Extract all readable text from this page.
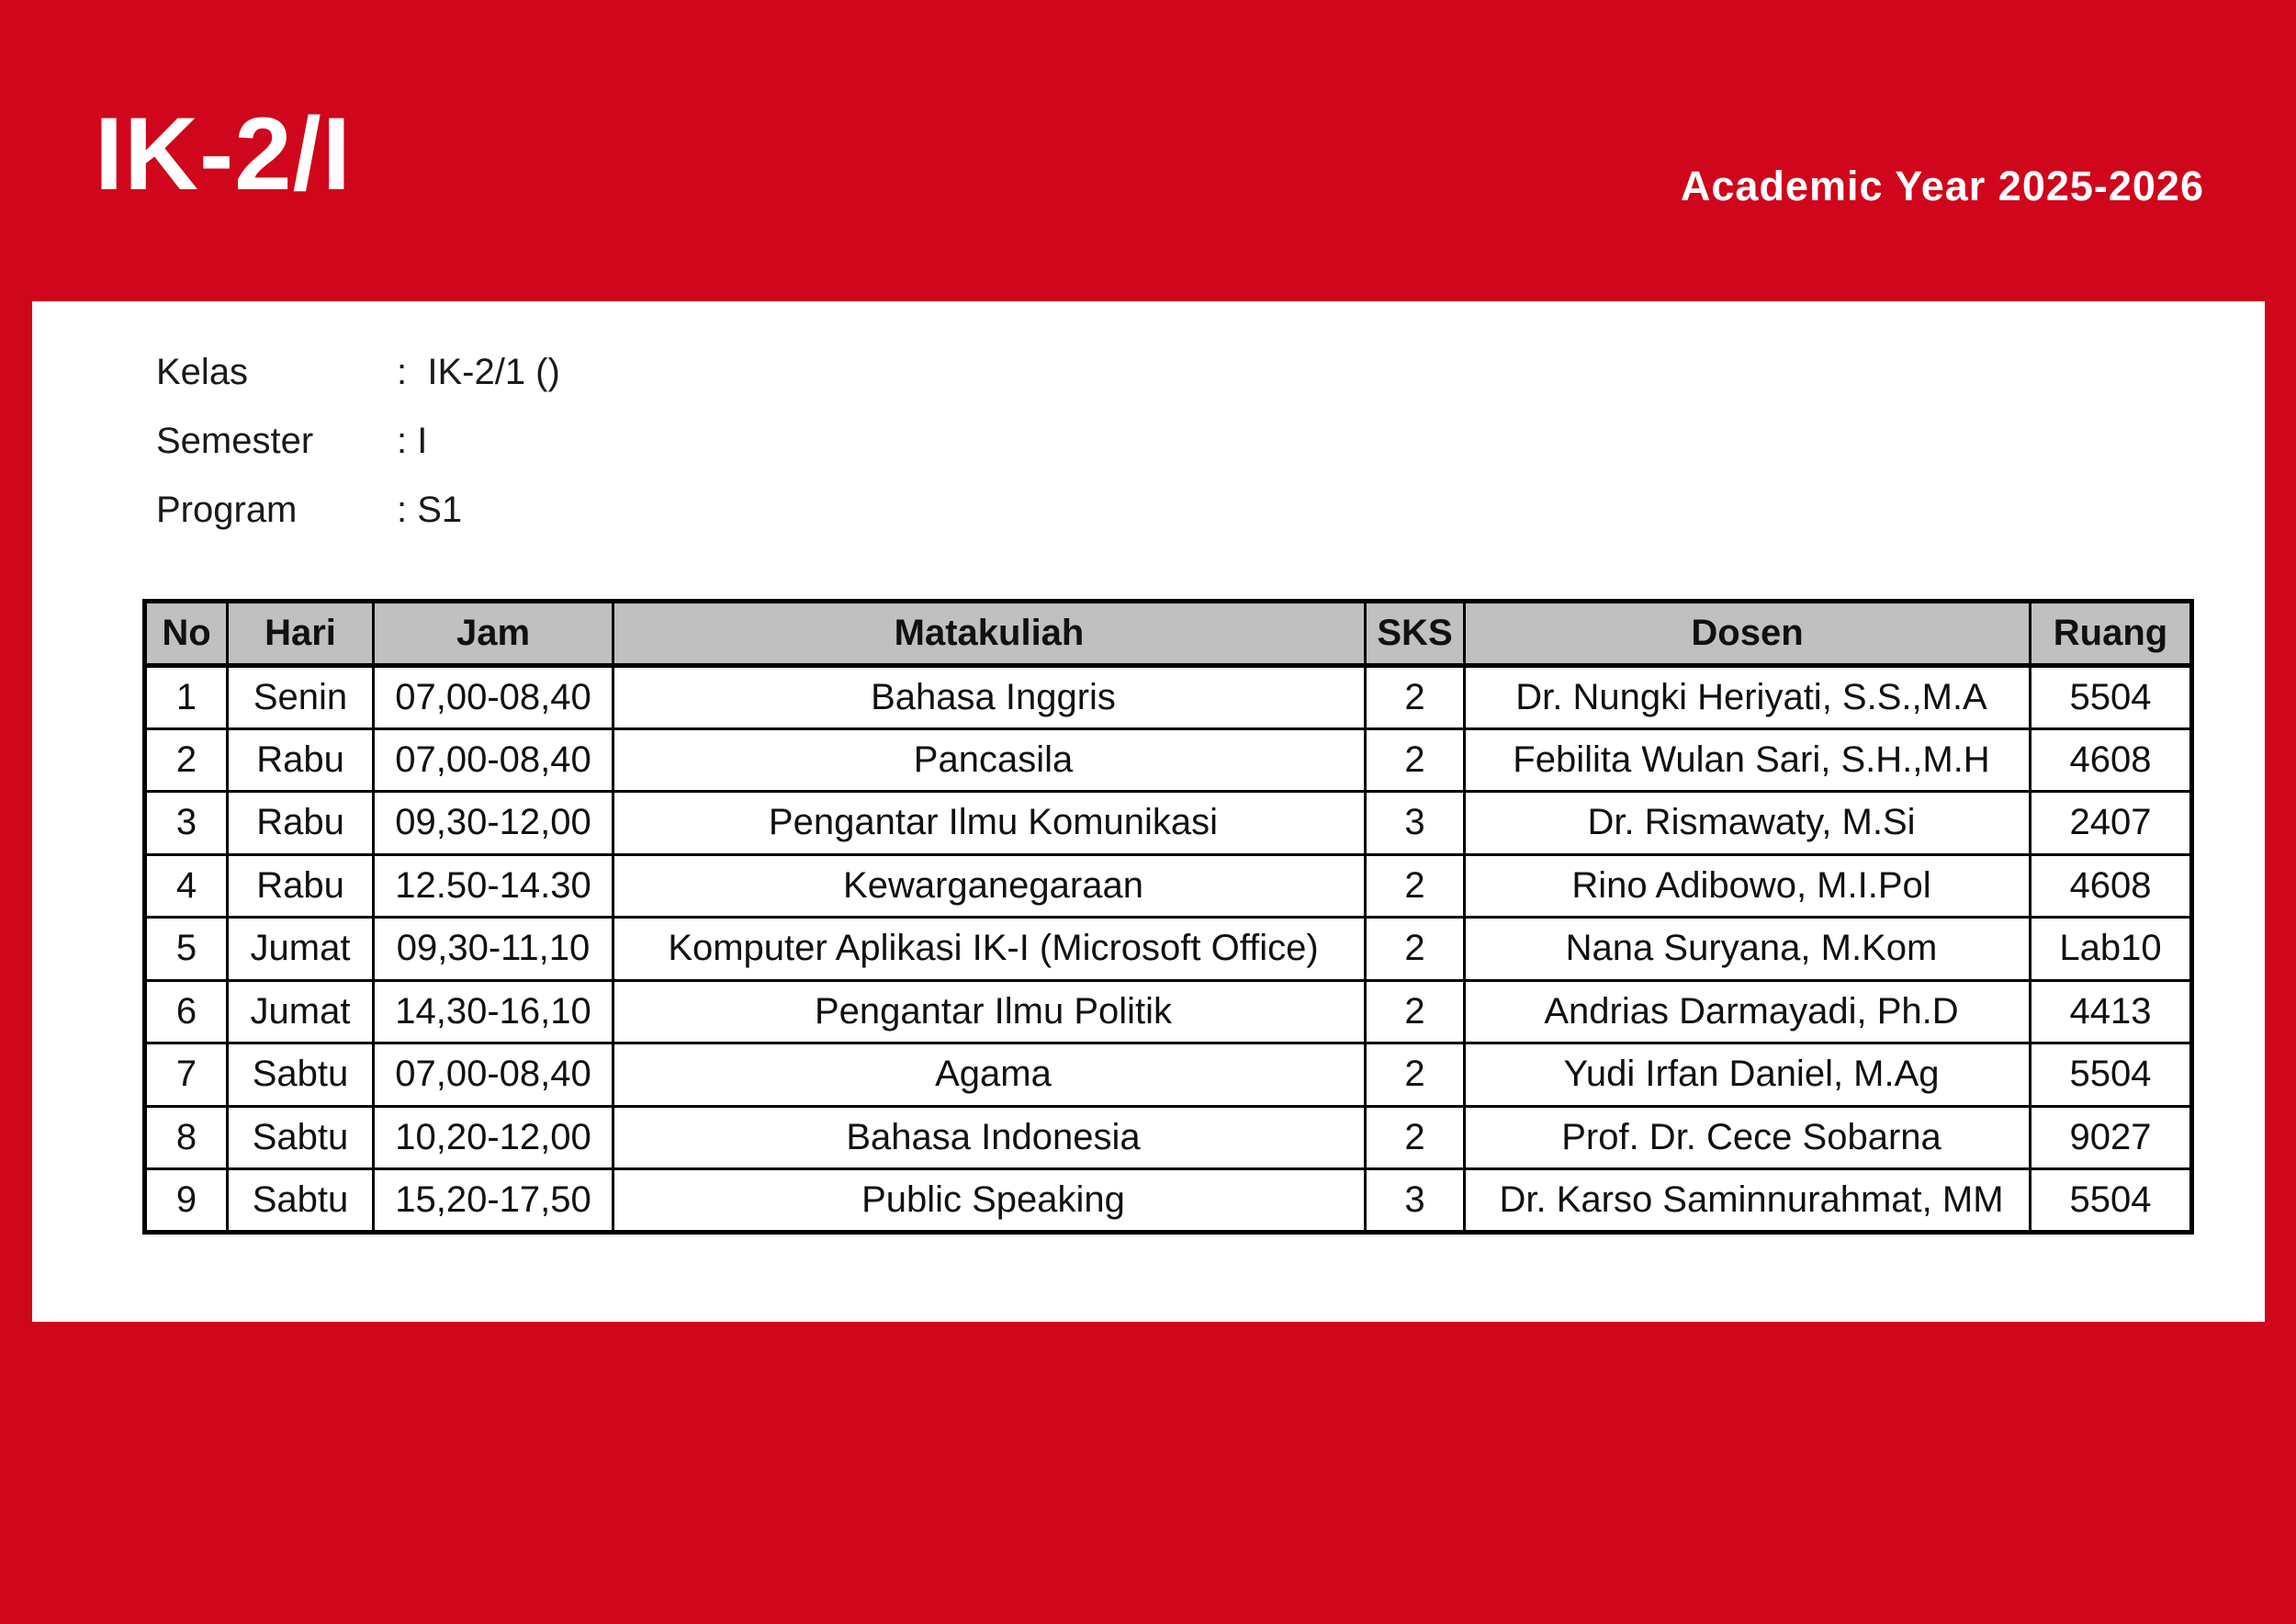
IK-2/I	Academic Year 2025-2026
Kelas	:  IK-2/1 ()
Semester	: I
Program	: S1
No	Hari	Jam	Matakuliah	SKS	Dosen	Ruang
1	Senin	07,00-08,40	Bahasa Inggris	2	Dr. Nungki Heriyati, S.S.,M.A	5504
2	Rabu	07,00-08,40	Pancasila	2	Febilita Wulan Sari, S.H.,M.H	4608
3	Rabu	09,30-12,00	Pengantar Ilmu Komunikasi	3	Dr. Rismawaty, M.Si	2407
4	Rabu	12.50-14.30	Kewarganegaraan	2	Rino Adibowo, M.I.Pol	4608
5	Jumat	09,30-11,10	Komputer Aplikasi IK-I (Microsoft Office)	2	Nana Suryana, M.Kom	Lab10
6	Jumat	14,30-16,10	Pengantar Ilmu Politik	2	Andrias Darmayadi, Ph.D	4413
7	Sabtu	07,00-08,40	Agama	2	Yudi Irfan Daniel, M.Ag	5504
8	Sabtu	10,20-12,00	Bahasa Indonesia	2	Prof. Dr. Cece Sobarna	9027
9	Sabtu	15,20-17,50	Public Speaking	3	Dr. Karso Saminnurahmat, MM	5504
